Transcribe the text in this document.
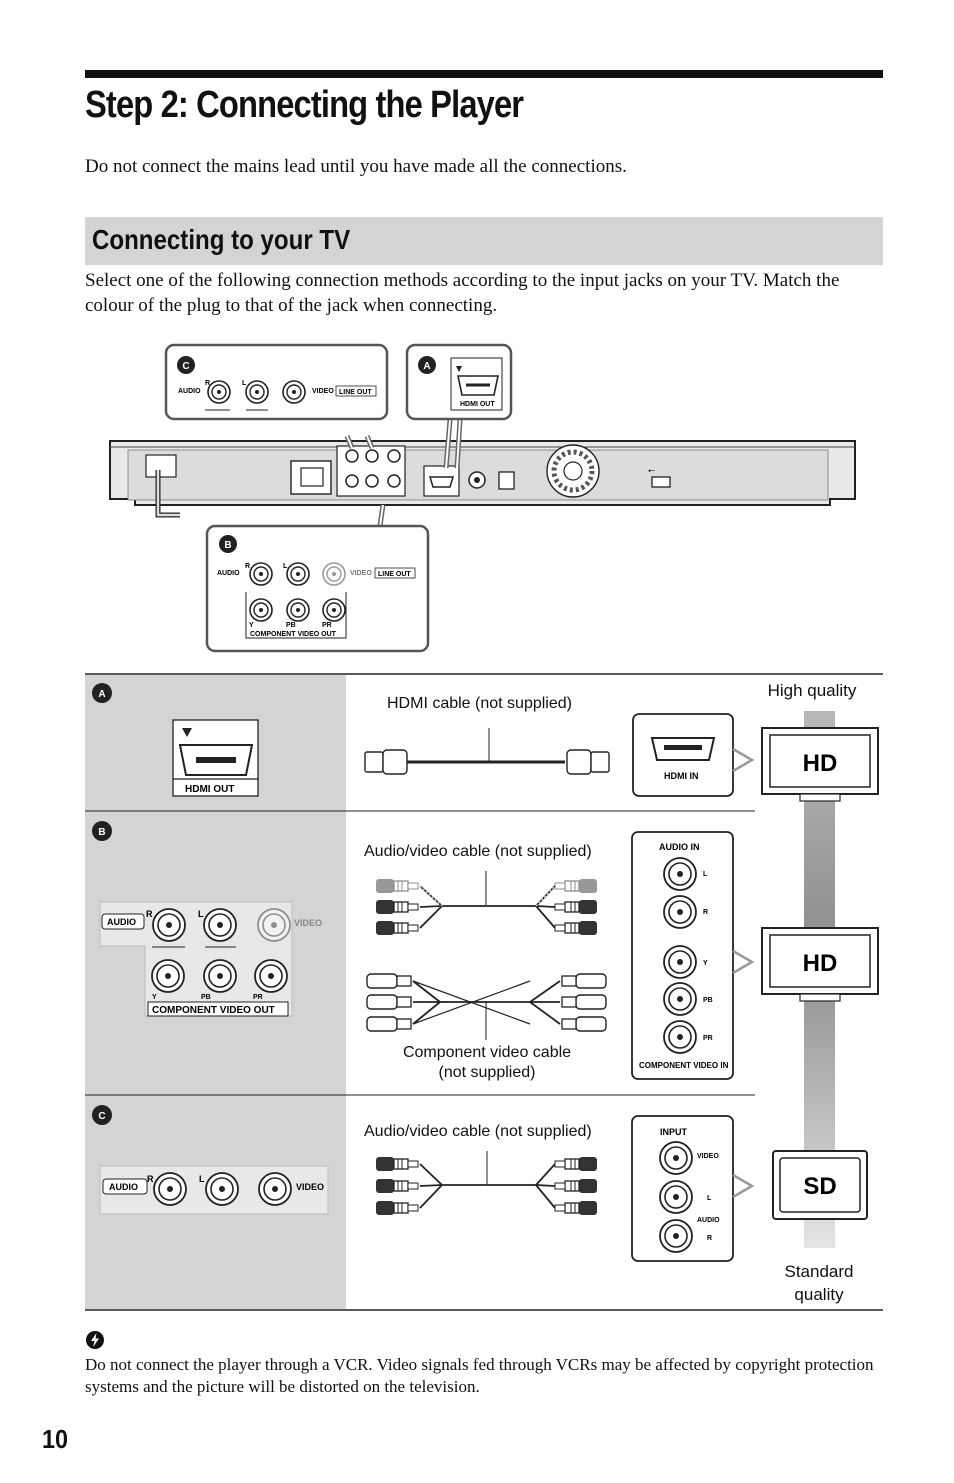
Step 2: Connecting the Player
Do not connect the mains lead until you have made all the connections.
Connecting to your TV
Select one of the following connection methods according to the input jacks on your TV. Match the colour of the plug to that of the jack when connecting.
⭠
C
AUDIO
R	L
VIDEO LINE OUT
A
HDMI OUT
B
AUDIO
R	L
VIDEO LINE OUT
Y	PB	PR
COMPONENT VIDEO OUT
A
HDMI OUT
HDMI cable (not supplied)
HDMI IN
B
AUDIO
R	L
VIDEO
Y	PB	PR
COMPONENT VIDEO OUT
Audio/video cable (not supplied)
Component video cable
(not supplied)
AUDIO IN
L
R
Y
PB
PR
COMPONENT VIDEO IN
C
AUDIO
R	L
VIDEO
Audio/video cable (not supplied)	INPUT
VIDEO
L
AUDIO
R
High quality
HD
HD
SD
Standard
quality
Do not connect the player through a VCR. Video signals fed through VCRs may be affected by copyright protection systems and the picture will be distorted on the television.
10
